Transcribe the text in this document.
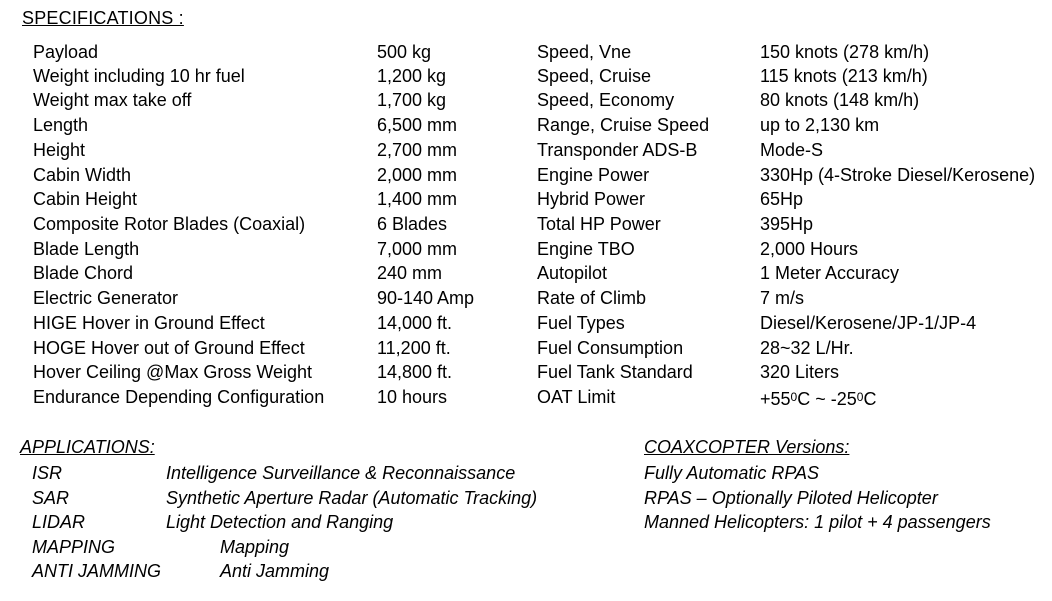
SPECIFICATIONS :
Payload	500 kg	Speed, Vne	150 knots (278 km/h)
Weight including 10 hr fuel	1,200 kg	Speed, Cruise	115 knots (213 km/h)
Weight max take off	1,700 kg	Speed, Economy	80 knots (148 km/h)
Length	6,500 mm	Range, Cruise Speed	up to 2,130 km
Height	2,700 mm	Transponder ADS-B	Mode-S
Cabin Width	2,000 mm	Engine Power	330Hp (4-Stroke Diesel/Kerosene)
Cabin Height	1,400 mm	Hybrid Power	65Hp
Composite Rotor Blades (Coaxial)	6 Blades	Total HP Power	395Hp
Blade Length	7,000 mm	Engine TBO	2,000 Hours
Blade Chord	240 mm	Autopilot	1 Meter Accuracy
Electric Generator	90-140 Amp	Rate of Climb	7 m/s
HIGE Hover in Ground Effect	14,000 ft.	Fuel Types	Diesel/Kerosene/JP-1/JP-4
HOGE Hover out of Ground Effect	11,200 ft.	Fuel Consumption	28~32 L/Hr.
Hover Ceiling @Max Gross Weight	14,800 ft.	Fuel Tank Standard	320 Liters
Endurance Depending Configuration	10 hours	OAT Limit	$+55^0C$ ~ $-25^0C$
APPLICATIONS:
ISR	Intelligence Surveillance & Reconnaissance
SAR	Synthetic Aperture Radar (Automatic Tracking)
LIDAR	Light Detection and Ranging
MAPPING	Mapping
ANTI JAMMING	Anti Jamming
COAXCOPTER Versions:
Fully Automatic RPAS
RPAS – Optionally Piloted Helicopter
Manned Helicopters: 1 pilot + 4 passengers
